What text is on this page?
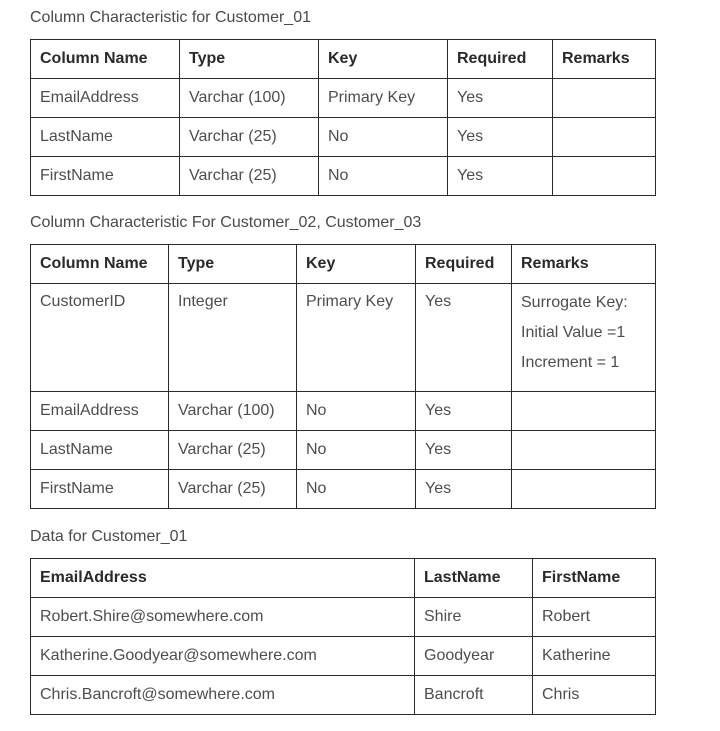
Column Characteristic for Customer_01
Column Name	Type	Key	Required	Remarks
EmailAddress	Varchar (100)	Primary Key	Yes	
LastName	Varchar (25)	No	Yes	
FirstName	Varchar (25)	No	Yes	
Column Characteristic For Customer_02, Customer_03
Column Name	Type	Key	Required	Remarks
CustomerID	Integer	Primary Key	Yes	Surrogate Key:
Initial Value =1
Increment = 1

EmailAddress	Varchar (100)	No	Yes	
LastName	Varchar (25)	No	Yes	
FirstName	Varchar (25)	No	Yes	
Data for Customer_01
EmailAddress	LastName	FirstName
Robert.Shire@somewhere.com	Shire	Robert
Katherine.Goodyear@somewhere.com	Goodyear	Katherine
Chris.Bancroft@somewhere.com	Bancroft	Chris
